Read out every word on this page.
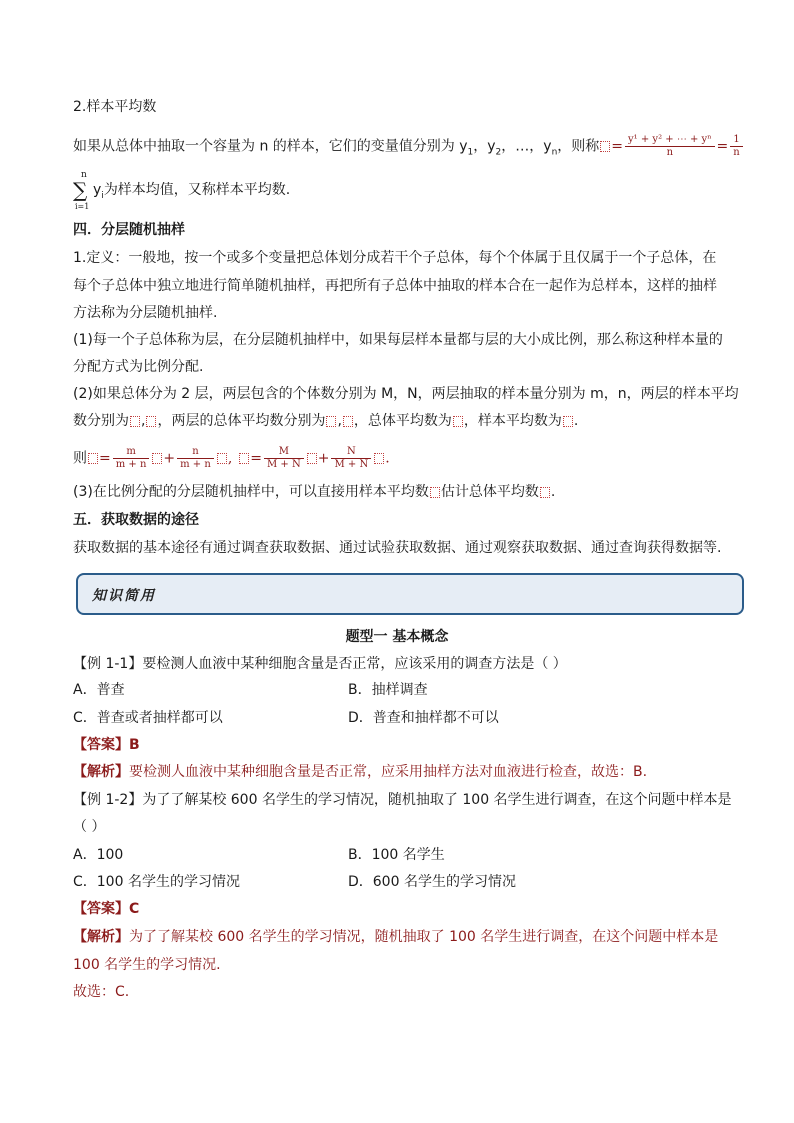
2.样本平均数
如果从总体中抽取一个容量为 n 的样本，它们的变量值分别为 $y_1$，$y_2$，…，$y_n$，则称 = $\frac{\text{y¹ + y² + ⋯ + yⁿ}}{n} = \frac{1}{n}$
n
∑
i=1
$y_i$为样本均值，又称样本平均数.
四．分层随机抽样
1.定义：一般地，按一个或多个变量把总体划分成若干个子总体，每个个体属于且仅属于一个子总体，在
每个子总体中独立地进行简单随机抽样，再把所有子总体中抽取的样本合在一起作为总样本，这样的抽样
方法称为分层随机抽样.
(1)每一个子总体称为层，在分层随机抽样中，如果每层样本量都与层的大小成比例，那么称这种样本量的
分配方式为比例分配.
(2)如果总体分为 2 层，两层包含的个体数分别为 M，N，两层抽取的样本量分别为 m，n，两层的样本平均
数分别为 , ，两层的总体平均数分别为 , ，总体平均数为 ，样本平均数为 .
则 = $\frac{m}{m + n} + \frac{n}{m + n}$ , = $\frac{M}{M + N} + \frac{N}{M + N}$ .
(3)在比例分配的分层随机抽样中，可以直接用样本平均数 估计总体平均数 .
五．获取数据的途径
获取数据的基本途径有通过调查获取数据、通过试验获取数据、通过观察获取数据、通过查询获得数据等.
知识简用
题型一 基本概念
【例 1-1】要检测人血液中某种细胞含量是否正常，应该采用的调查方法是（ ）
A．普查	B．抽样调查
C．普查或者抽样都可以	D．普查和抽样都不可以
【答案】B
【解析】要检测人血液中某种细胞含量是否正常，应采用抽样方法对血液进行检查，故选：B.
【例 1-2】为了了解某校 600 名学生的学习情况，随机抽取了 100 名学生进行调查，在这个问题中样本是
（ ）
A．100	B．100 名学生
C．100 名学生的学习情况	D．600 名学生的学习情况
【答案】C
【解析】为了了解某校 600 名学生的学习情况，随机抽取了 100 名学生进行调查，在这个问题中样本是
100 名学生的学习情况.
故选：C.
